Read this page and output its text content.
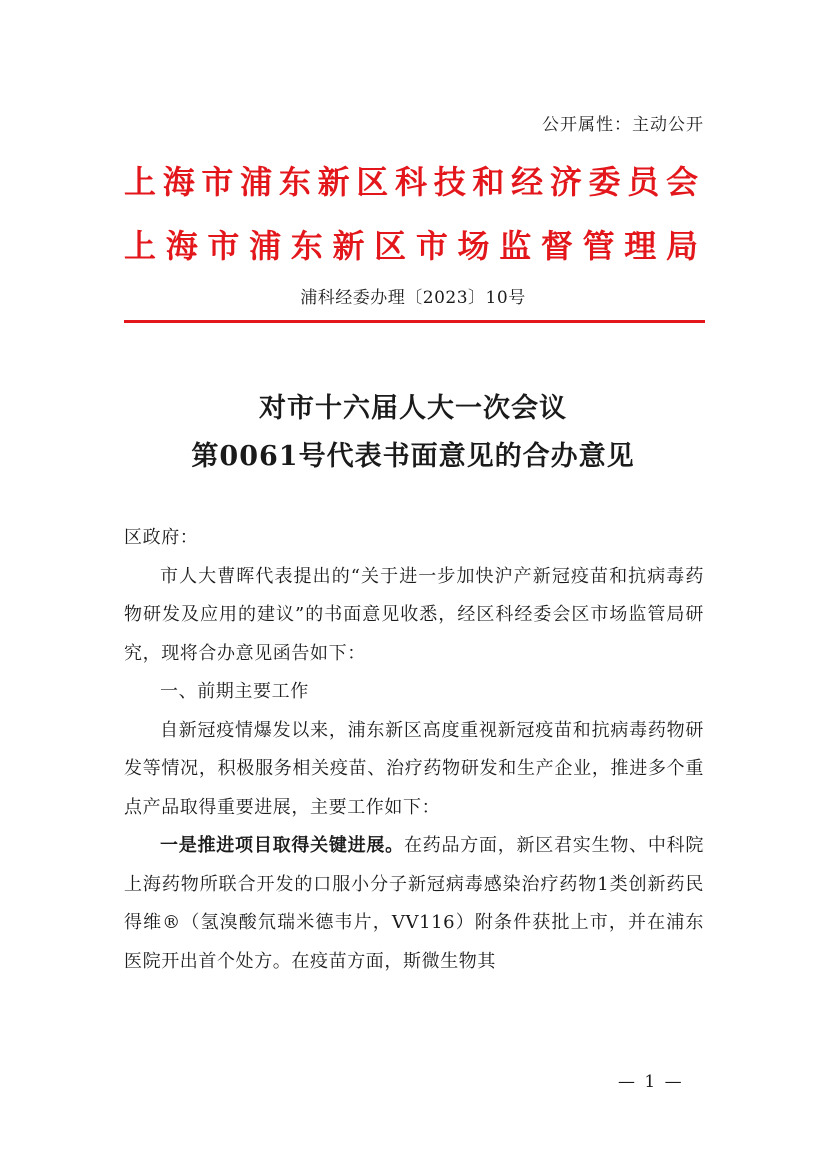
公开属性：主动公开
上海市浦东新区科技和经济委员会
上海市浦东新区市场监督管理局
浦科经委办理〔2023〕10号
对市十六届人大一次会议
第0061号代表书面意见的合办意见

区政府：

市人大曹晖代表提出的“关于进一步加快沪产新冠疫苗和抗病毒药物研发及应用的建议”的书面意见收悉，经区科经委会区市场监管局研究，现将合办意见函告如下：

一、前期主要工作

自新冠疫情爆发以来，浦东新区高度重视新冠疫苗和抗病毒药物研发等情况，积极服务相关疫苗、治疗药物研发和生产企业，推进多个重点产品取得重要进展，主要工作如下：

一是推进项目取得关键进展。在药品方面，新区君实生物、中科院上海药物所联合开发的口服小分子新冠病毒感染治疗药物1类创新药民得维®（氢溴酸氘瑞米德韦片，VV116）附条件获批上市，并在浦东医院开出首个处方。在疫苗方面，斯微生物其

— 1 —
